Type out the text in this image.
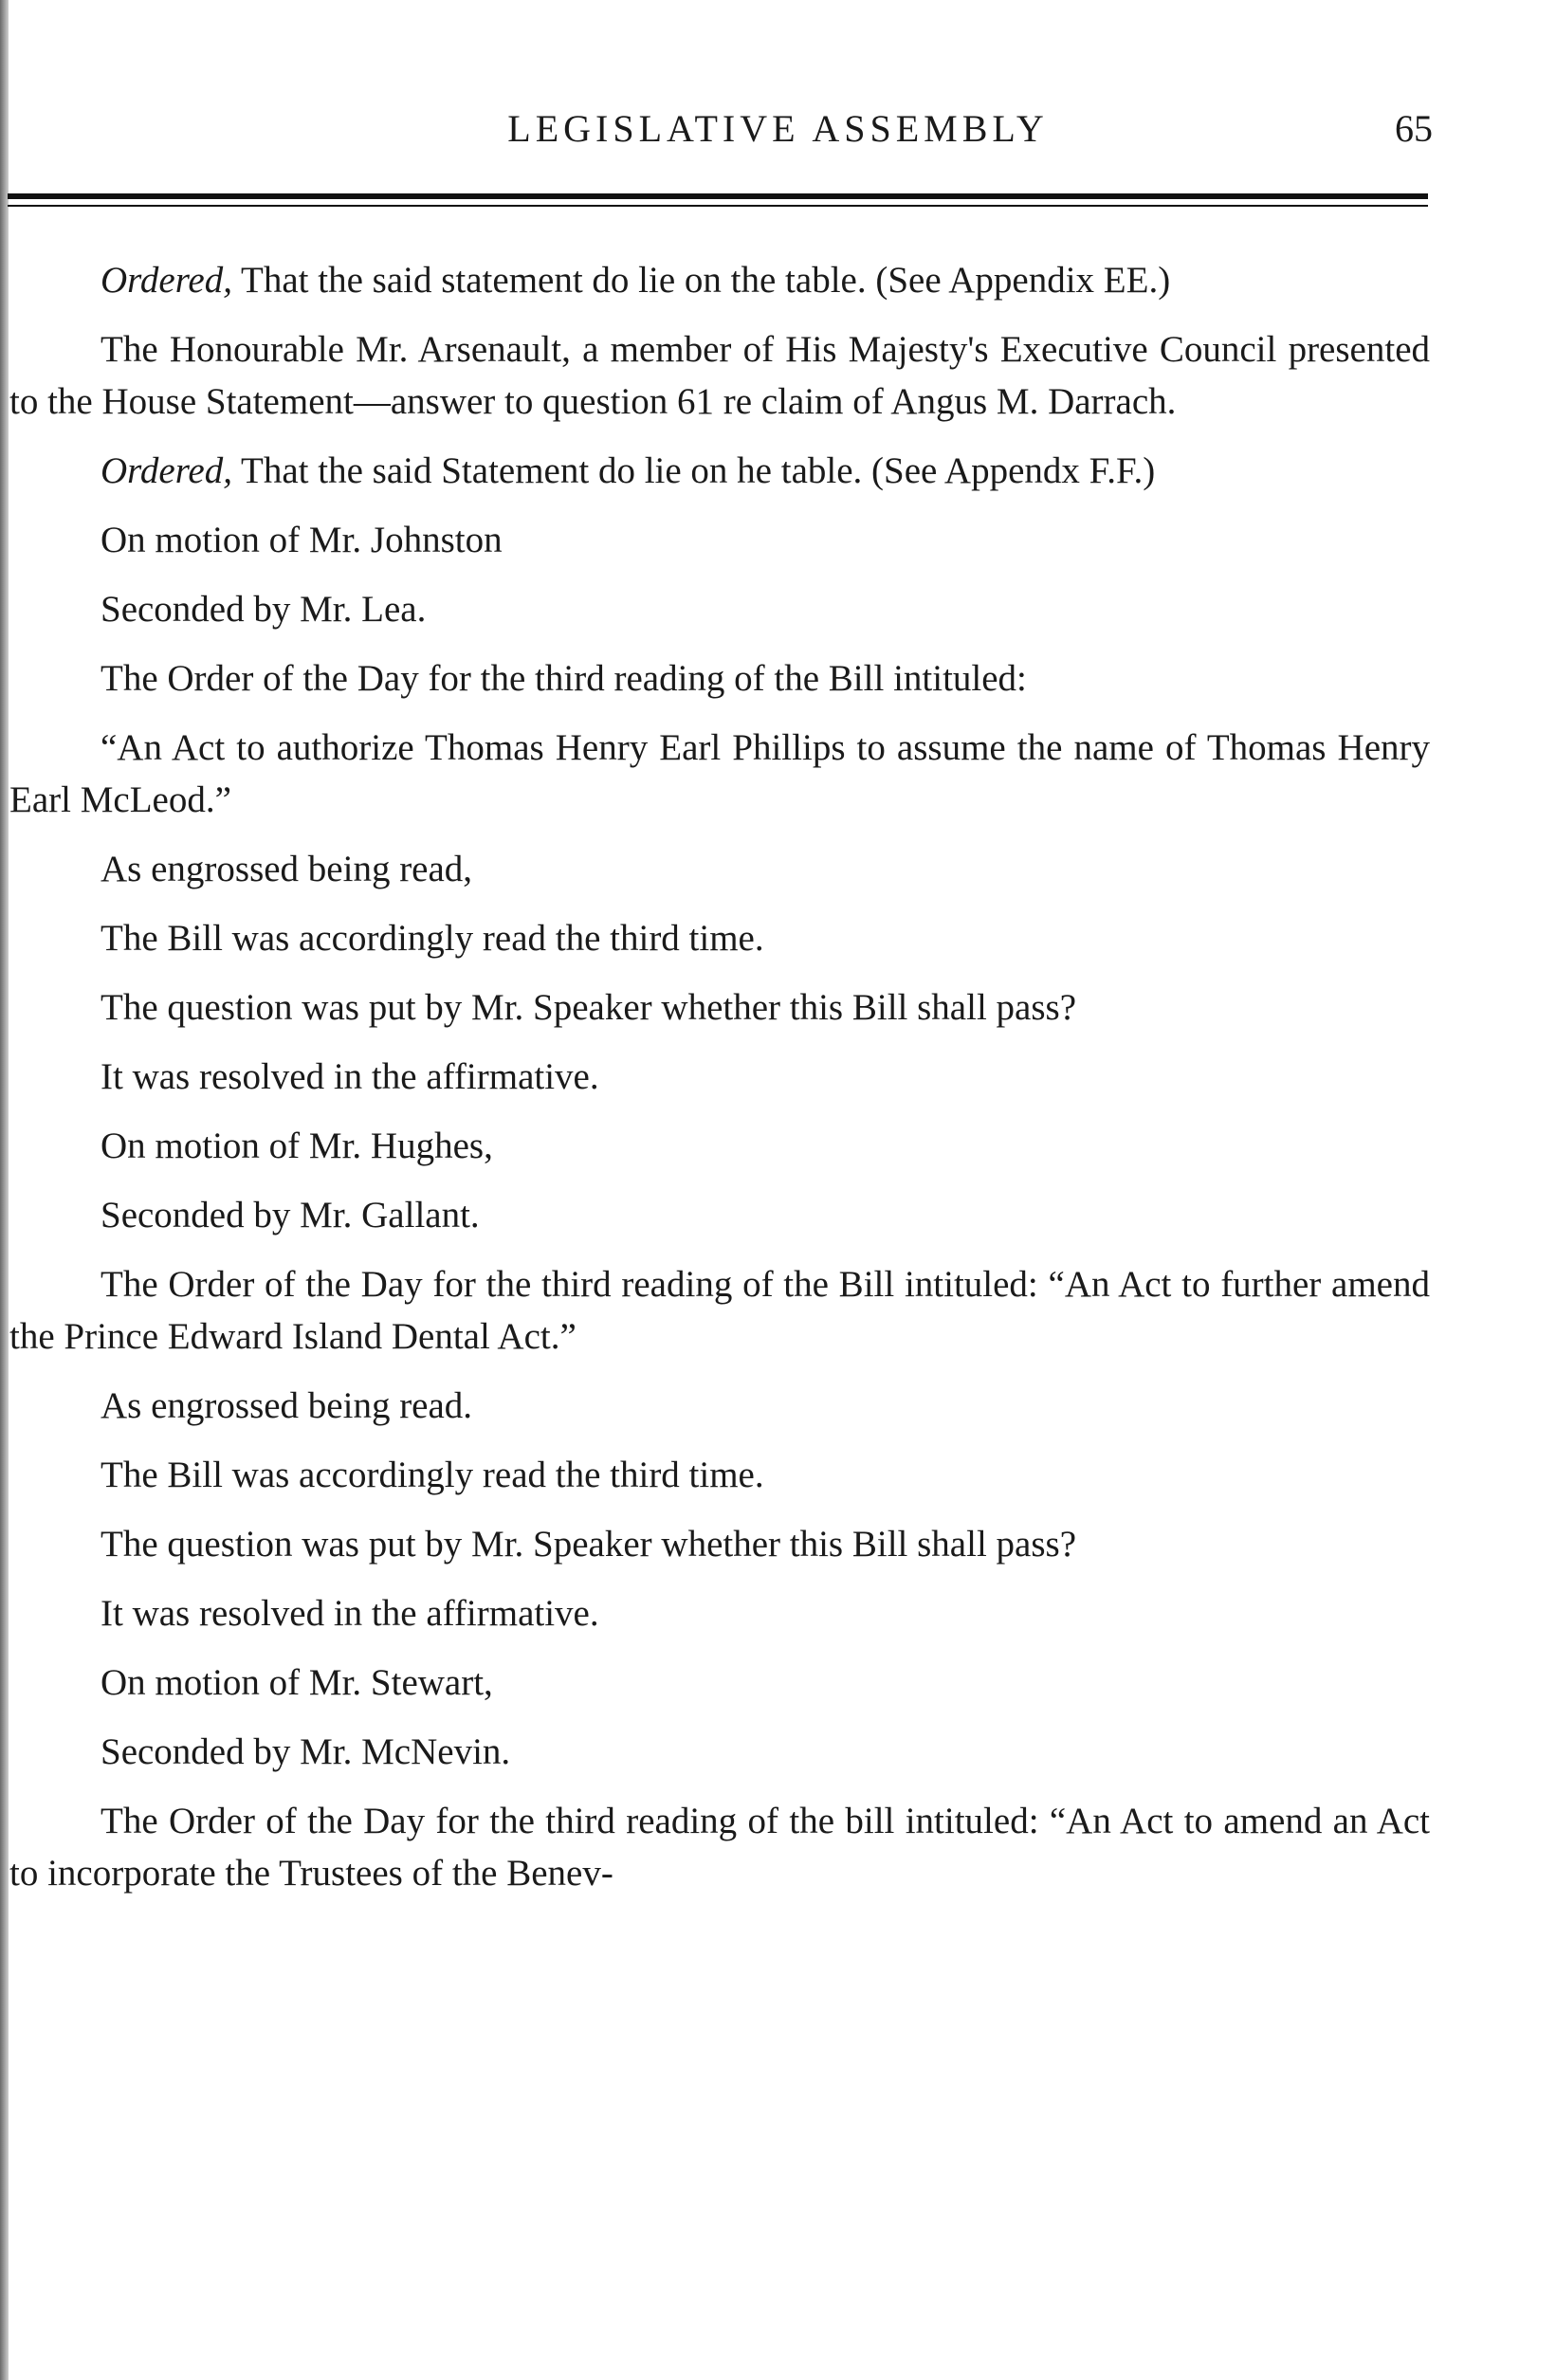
LEGISLATIVE ASSEMBLY	65

Ordered, That the said statement do lie on the table. (See Appendix EE.)

The Honourable Mr. Arsenault, a member of His Majesty's Executive Council presented to the House Statement—answer to question 61 re claim of Angus M. Darrach.

Ordered, That the said Statement do lie on he table. (See Appendx F.F.)

On motion of Mr. Johnston

Seconded by Mr. Lea.

The Order of the Day for the third reading of the Bill intituled:

“An Act to authorize Thomas Henry Earl Phillips to assume the name of Thomas Henry Earl McLeod.”

As engrossed being read,

The Bill was accordingly read the third time.

The question was put by Mr. Speaker whether this Bill shall pass?

It was resolved in the affirmative.

On motion of Mr. Hughes,

Seconded by Mr. Gallant.

The Order of the Day for the third reading of the Bill intituled: “An Act to further amend the Prince Edward Island Dental Act.”

As engrossed being read.

The Bill was accordingly read the third time.

The question was put by Mr. Speaker whether this Bill shall pass?

It was resolved in the affirmative.

On motion of Mr. Stewart,

Seconded by Mr. McNevin.

The Order of the Day for the third reading of the bill intituled: “An Act to amend an Act to incorporate the Trustees of the Benev-
